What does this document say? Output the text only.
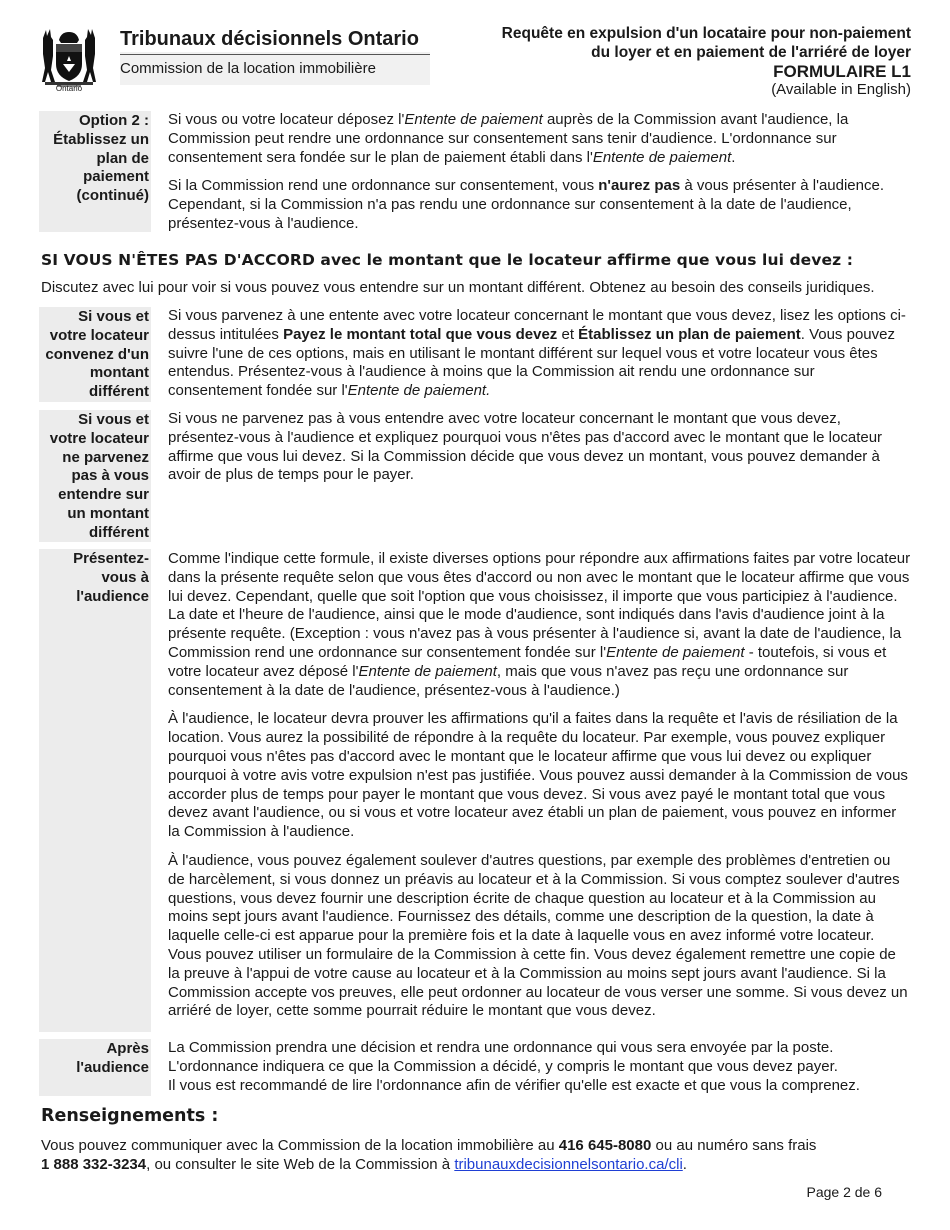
Ontario
Tribunaux décisionnels Ontario
Commission de la location immobilière
Requête en expulsion d'un locataire pour non-paiement
du loyer et en paiement de l'arriéré de loyer
FORMULAIRE L1
(Available in English)
Option 2 :
Établissez un
plan de
paiement
(continué)

Si vous ou votre locateur déposez l'Entente de paiement auprès de la Commission avant l'audience, la Commission peut rendre une ordonnance sur consentement sans tenir d'audience. L'ordonnance sur consentement sera fondée sur le plan de paiement établi dans l'Entente de paiement.

Si la Commission rend une ordonnance sur consentement, vous n'aurez pas à vous présenter à l'audience. Cependant, si la Commission n'a pas rendu une ordonnance sur consentement à la date de l'audience, présentez-vous à l'audience.

SI VOUS N'ÊTES PAS D'ACCORD avec le montant que le locateur affirme que vous lui devez :
Discutez avec lui pour voir si vous pouvez vous entendre sur un montant différent. Obtenez au besoin des conseils juridiques.
Si vous et
votre locateur
convenez d'un
montant
différent

Si vous parvenez à une entente avec votre locateur concernant le montant que vous devez, lisez les options ci-dessus intitulées Payez le montant total que vous devez et Établissez un plan de paiement. Vous pouvez suivre l'une de ces options, mais en utilisant le montant différent sur lequel vous et votre locateur vous êtes entendus. Présentez-vous à l'audience à moins que la Commission ait rendu une ordonnance sur consentement fondée sur l'Entente de paiement.

Si vous et
votre locateur
ne parvenez
pas à vous
entendre sur
un montant
différent

Si vous ne parvenez pas à vous entendre avec votre locateur concernant le montant que vous devez, présentez-vous à l'audience et expliquez pourquoi vous n'êtes pas d'accord avec le montant que le locateur affirme que vous lui devez. Si la Commission décide que vous devez un montant, vous pouvez demander à avoir de plus de temps pour le payer.

Présentez-
vous à
l'audience

Comme l'indique cette formule, il existe diverses options pour répondre aux affirmations faites par votre locateur dans la présente requête selon que vous êtes d'accord ou non avec le montant que le locateur affirme que vous lui devez. Cependant, quelle que soit l'option que vous choisissez, il importe que vous participiez à l'audience. La date et l'heure de l'audience, ainsi que le mode d'audience, sont indiqués dans l'avis d'audience joint à la présente requête. (Exception : vous n'avez pas à vous présenter à l'audience si, avant la date de l'audience, la Commission rend une ordonnance sur consentement fondée sur l'Entente de paiement - toutefois, si vous et votre locateur avez déposé l'Entente de paiement, mais que vous n'avez pas reçu une ordonnance sur consentement à la date de l'audience, présentez-vous à l'audience.)

À l'audience, le locateur devra prouver les affirmations qu'il a faites dans la requête et l'avis de résiliation de la location. Vous aurez la possibilité de répondre à la requête du locateur. Par exemple, vous pouvez expliquer pourquoi vous n'êtes pas d'accord avec le montant que le locateur affirme que vous lui devez ou expliquer pourquoi à votre avis votre expulsion n'est pas justifiée. Vous pouvez aussi demander à la Commission de vous accorder plus de temps pour payer le montant que vous devez. Si vous avez payé le montant total que vous devez avant l'audience, ou si vous et votre locateur avez établi un plan de paiement, vous pouvez en informer la Commission à l'audience.

À l'audience, vous pouvez également soulever d'autres questions, par exemple des problèmes d'entretien ou de harcèlement, si vous donnez un préavis au locateur et à la Commission. Si vous comptez soulever d'autres questions, vous devez fournir une description écrite de chaque question au locateur et à la Commission au moins sept jours avant l'audience. Fournissez des détails, comme une description de la question, la date à laquelle celle-ci est apparue pour la première fois et la date à laquelle vous en avez informé votre locateur. Vous pouvez utiliser un formulaire de la Commission à cette fin. Vous devez également remettre une copie de la preuve à l'appui de votre cause au locateur et à la Commission au moins sept jours avant l'audience. Si la Commission accepte vos preuves, elle peut ordonner au locateur de vous verser une somme. Si vous devez un arriéré de loyer, cette somme pourrait réduire le montant que vous devez.

Après
l'audience
La Commission prendra une décision et rendra une ordonnance qui vous sera envoyée par la poste.
L'ordonnance indiquera ce que la Commission a décidé, y compris le montant que vous devez payer.
Il vous est recommandé de lire l'ordonnance afin de vérifier qu'elle est exacte et que vous la comprenez.
Renseignements :
Vous pouvez communiquer avec la Commission de la location immobilière au 416 645-8080 ou au numéro sans frais
1 888 332-3234, ou consulter le site Web de la Commission à tribunauxdecisionnelsontario.ca/cli.
Page 2 de 6
